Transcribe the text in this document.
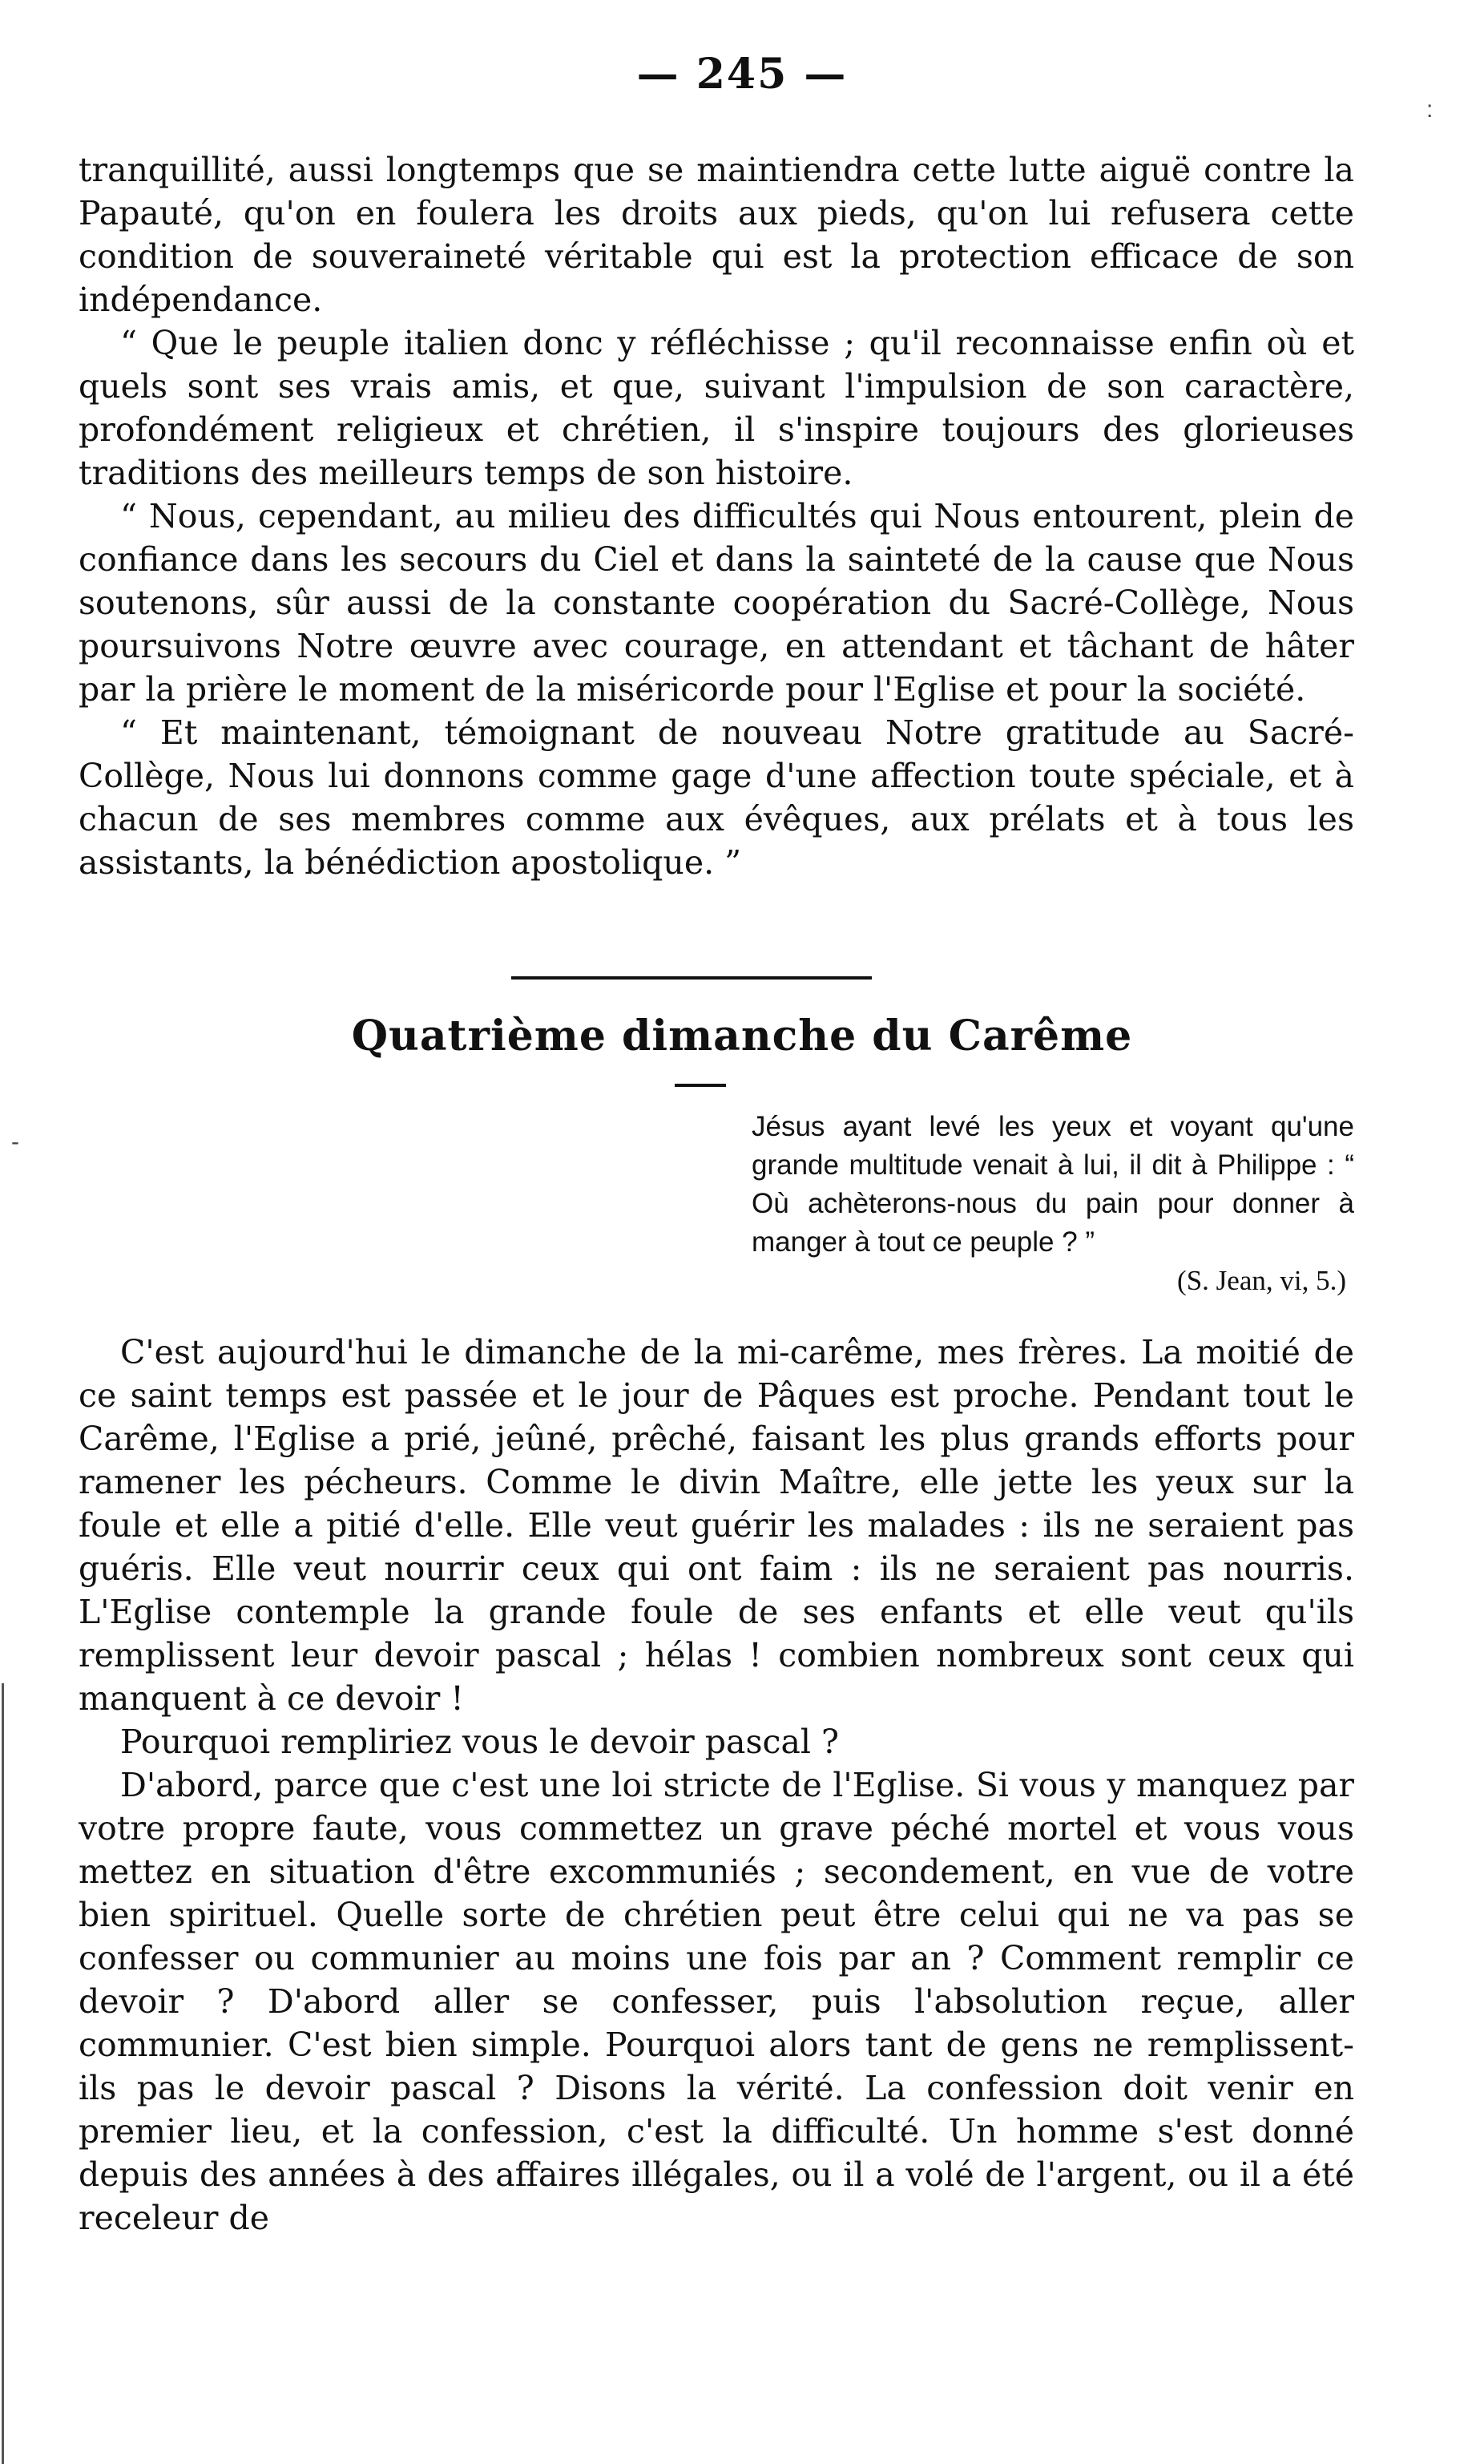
— 245 —
:
-

tranquillité, aussi longtemps que se maintiendra cette lutte aiguë contre la Papauté, qu'on en foulera les droits aux pieds, qu'on lui refusera cette condition de souveraineté véritable qui est la protection efficace de son indépendance.

“ Que le peuple italien donc y réfléchisse ; qu'il reconnaisse enfin où et quels sont ses vrais amis, et que, suivant l'impulsion de son caractère, profondément religieux et chrétien, il s'inspire toujours des glorieuses traditions des meilleurs temps de son histoire.

“ Nous, cependant, au milieu des difficultés qui Nous entourent, plein de confiance dans les secours du Ciel et dans la sainteté de la cause que Nous soutenons, sûr aussi de la constante coopération du Sacré-Collège, Nous poursuivons Notre œuvre avec courage, en attendant et tâchant de hâter par la prière le moment de la miséricorde pour l'Eglise et pour la société.

“ Et maintenant, témoignant de nouveau Notre gratitude au Sacré-Collège, Nous lui donnons comme gage d'une affection toute spéciale, et à chacun de ses membres comme aux évêques, aux prélats et à tous les assistants, la bénédiction apostolique. ”

Quatrième dimanche du Carême

Jésus ayant levé les yeux et voyant qu'une grande multitude venait à lui, il dit à Philippe : “ Où achèterons-nous du pain pour donner à manger à tout ce peuple ? ”

(S. Jean, vi, 5.)

C'est aujourd'hui le dimanche de la mi-carême, mes frères. La moitié de ce saint temps est passée et le jour de Pâques est proche. Pendant tout le Carême, l'Eglise a prié, jeûné, prêché, faisant les plus grands efforts pour ramener les pécheurs. Comme le divin Maître, elle jette les yeux sur la foule et elle a pitié d'elle. Elle veut guérir les malades : ils ne seraient pas guéris. Elle veut nourrir ceux qui ont faim : ils ne seraient pas nourris. L'Eglise contemple la grande foule de ses enfants et elle veut qu'ils remplissent leur devoir pascal ; hélas ! combien nombreux sont ceux qui manquent à ce devoir !

Pourquoi rempliriez vous le devoir pascal ?

D'abord, parce que c'est une loi stricte de l'Eglise. Si vous y manquez par votre propre faute, vous commettez un grave péché mortel et vous vous mettez en situation d'être excommuniés ; secondement, en vue de votre bien spirituel. Quelle sorte de chrétien peut être celui qui ne va pas se confesser ou communier au moins une fois par an ? Comment remplir ce devoir ? D'abord aller se confesser, puis l'absolution reçue, aller communier. C'est bien simple. Pourquoi alors tant de gens ne remplissent-ils pas le devoir pascal ? Disons la vérité. La confession doit venir en premier lieu, et la confession, c'est la difficulté. Un homme s'est donné depuis des années à des affaires illégales, ou il a volé de l'argent, ou il a été receleur de
